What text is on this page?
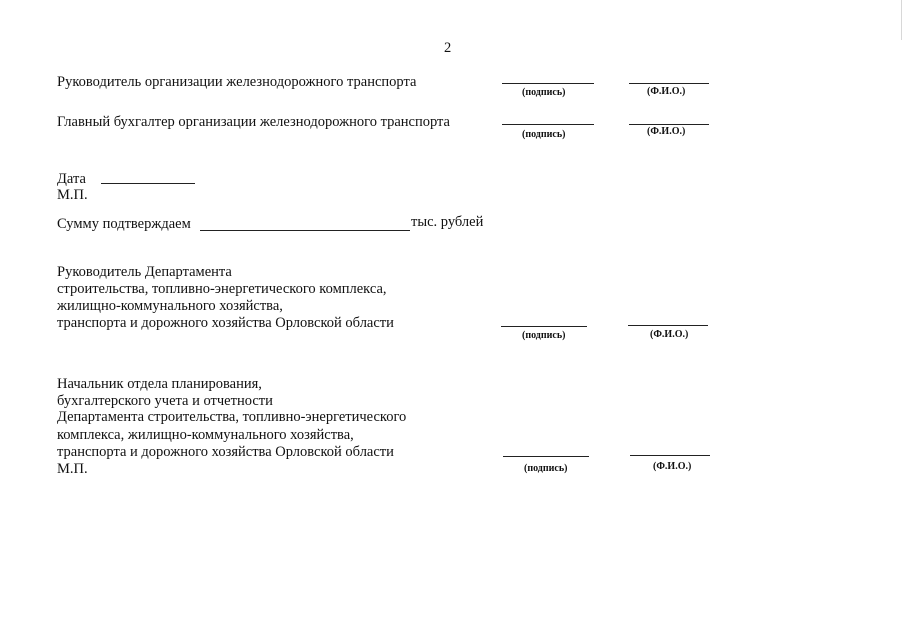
2
Руководитель организации железнодорожного транспорта
(подпись)	(Ф.И.О.)
Главный бухгалтер организации железнодорожного транспорта
(подпись)	(Ф.И.О.)
Дата
М.П.
Сумму подтверждаем	тыс. рублей
Руководитель Департамента
строительства, топливно-энергетического комплекса,
жилищно-коммунального хозяйства,
транспорта и дорожного хозяйства Орловской области
(подпись)	(Ф.И.О.)
Начальник отдела планирования,
бухгалтерского учета и отчетности
Департамента строительства, топливно-энергетического
комплекса, жилищно-коммунального хозяйства,
транспорта и дорожного хозяйства Орловской области
М.П.	(подпись)	(Ф.И.О.)
